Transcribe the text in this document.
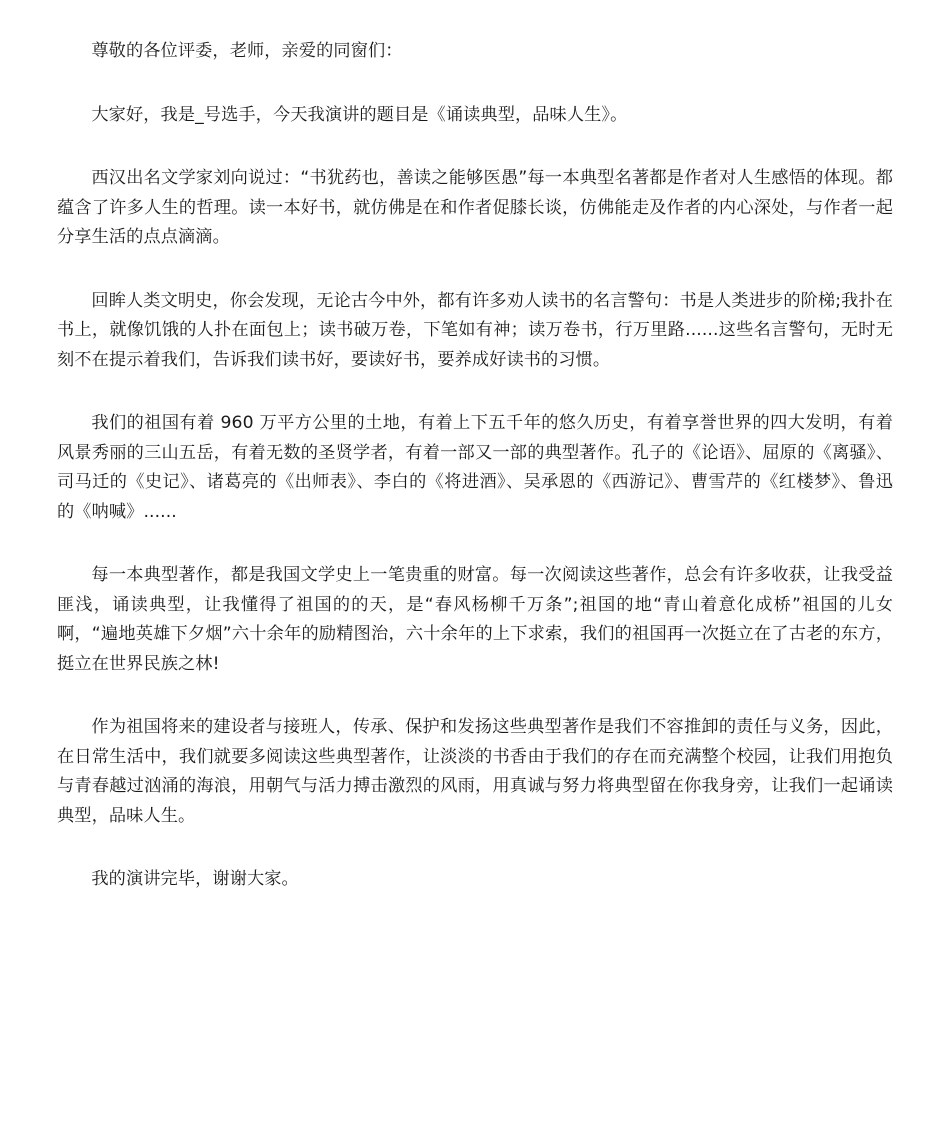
尊敬的各位评委，老师，亲爱的同窗们：

大家好，我是_号选手，今天我演讲的题目是《诵读典型，品味人生》。

西汉出名文学家刘向说过：“书犹药也，善读之能够医愚”每一本典型名著都是作者对人生感悟的体现。都蕴含了许多人生的哲理。读一本好书，就仿佛是在和作者促膝长谈，仿佛能走及作者的内心深处，与作者一起分享生活的点点滴滴。

回眸人类文明史，你会发现，无论古今中外，都有许多劝人读书的名言警句：书是人类进步的阶梯;我扑在书上，就像饥饿的人扑在面包上；读书破万卷，下笔如有神；读万卷书，行万里路......这些名言警句，无时无刻不在提示着我们，告诉我们读书好，要读好书，要养成好读书的习惯。

我们的祖国有着 960 万平方公里的土地，有着上下五千年的悠久历史，有着享誉世界的四大发明，有着风景秀丽的三山五岳，有着无数的圣贤学者，有着一部又一部的典型著作。孔子的《论语》、屈原的《离骚》、司马迁的《史记》、诸葛亮的《出师表》、李白的《将进酒》、吴承恩的《西游记》、曹雪芹的《红楼梦》、鲁迅的《呐喊》......

每一本典型著作，都是我国文学史上一笔贵重的财富。每一次阅读这些著作，总会有许多收获，让我受益匪浅，诵读典型，让我懂得了祖国的的天，是“春风杨柳千万条”;祖国的地“青山着意化成桥”祖国的儿女啊，“遍地英雄下夕烟”六十余年的励精图治，六十余年的上下求索，我们的祖国再一次挺立在了古老的东方，挺立在世界民族之林!

作为祖国将来的建设者与接班人，传承、保护和发扬这些典型著作是我们不容推卸的责任与义务，因此，在日常生活中，我们就要多阅读这些典型著作，让淡淡的书香由于我们的存在而充满整个校园，让我们用抱负与青春越过汹涌的海浪，用朝气与活力搏击激烈的风雨，用真诚与努力将典型留在你我身旁，让我们一起诵读典型，品味人生。

我的演讲完毕，谢谢大家。
